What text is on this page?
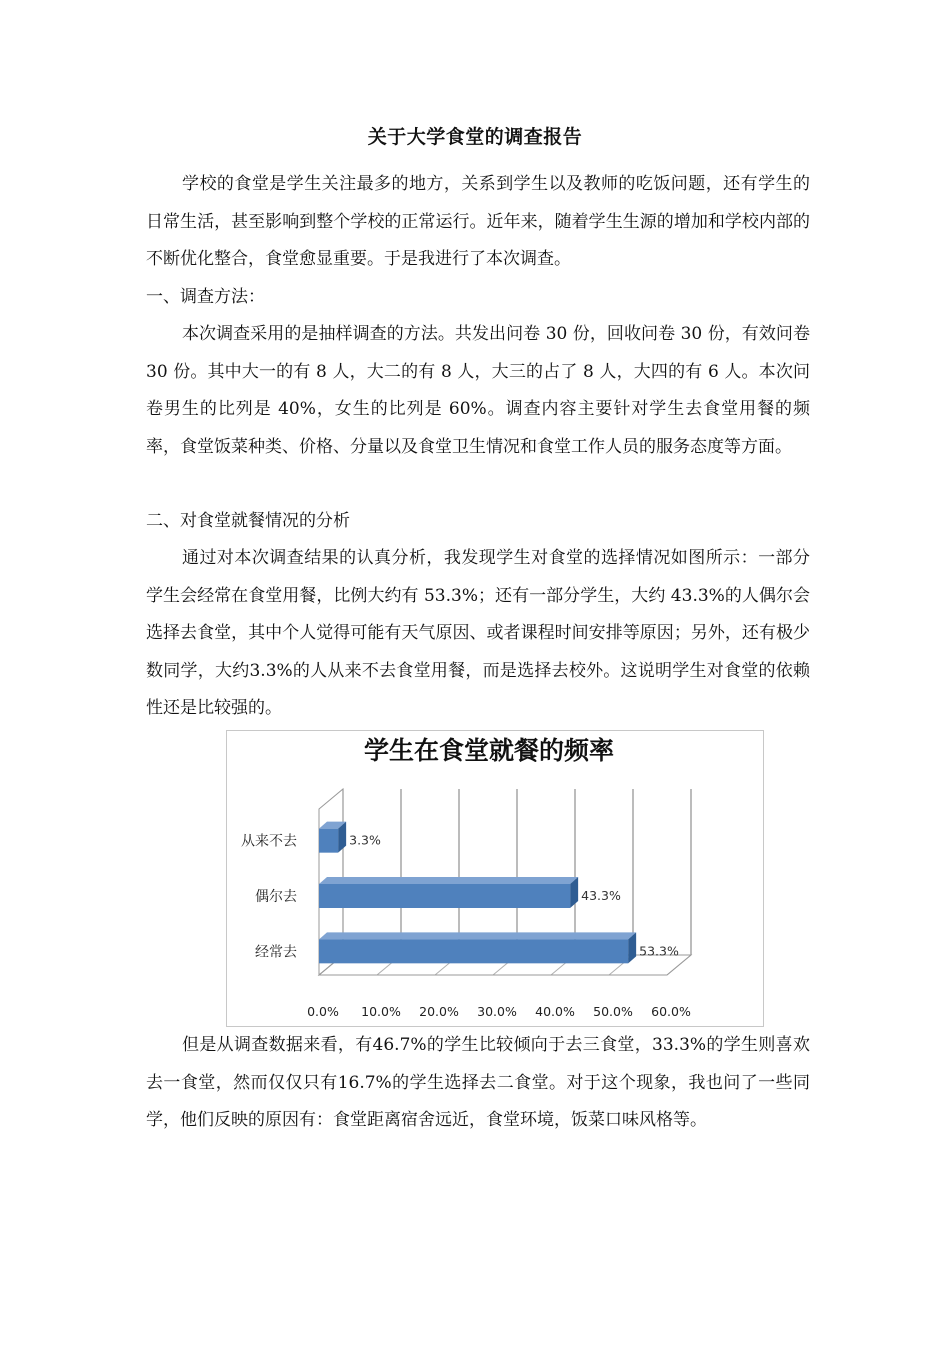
关于大学食堂的调查报告

学校的食堂是学生关注最多的地方，关系到学生以及教师的吃饭问题，还有学生的日常生活，甚至影响到整个学校的正常运行。近年来，随着学生生源的增加和学校内部的不断优化整合，食堂愈显重要。于是我进行了本次调查。

一、调查方法：

本次调查采用的是抽样调查的方法。共发出问卷 30 份，回收问卷 30 份，有效问卷 30 份。其中大一的有 8 人，大二的有 8 人，大三的占了 8 人，大四的有 6 人。本次问卷男生的比列是 40%，女生的比列是 60%。调查内容主要针对学生去食堂用餐的频率，食堂饭菜种类、价格、分量以及食堂卫生情况和食堂工作人员的服务态度等方面。

二、对食堂就餐情况的分析

通过对本次调查结果的认真分析，我发现学生对食堂的选择情况如图所示：一部分学生会经常在食堂用餐，比例大约有 53.3%；还有一部分学生，大约 43.3%的人偶尔会选择去食堂，其中个人觉得可能有天气原因、或者课程时间安排等原因；另外，还有极少数同学，大约3.3%的人从来不去食堂用餐，而是选择去校外。这说明学生对食堂的依赖性还是比较强的。

学生在食堂就餐的频率
0.0% 10.0% 20.0% 30.0% 40.0% 50.0% 60.0%
从来不去	3.3%
偶尔去	43.3%
经常去	53.3%

但是从调查数据来看，有46.7%的学生比较倾向于去三食堂，33.3%的学生则喜欢去一食堂，然而仅仅只有16.7%的学生选择去二食堂。对于这个现象，我也问了一些同学，他们反映的原因有：食堂距离宿舍远近，食堂环境，饭菜口味风格等。
